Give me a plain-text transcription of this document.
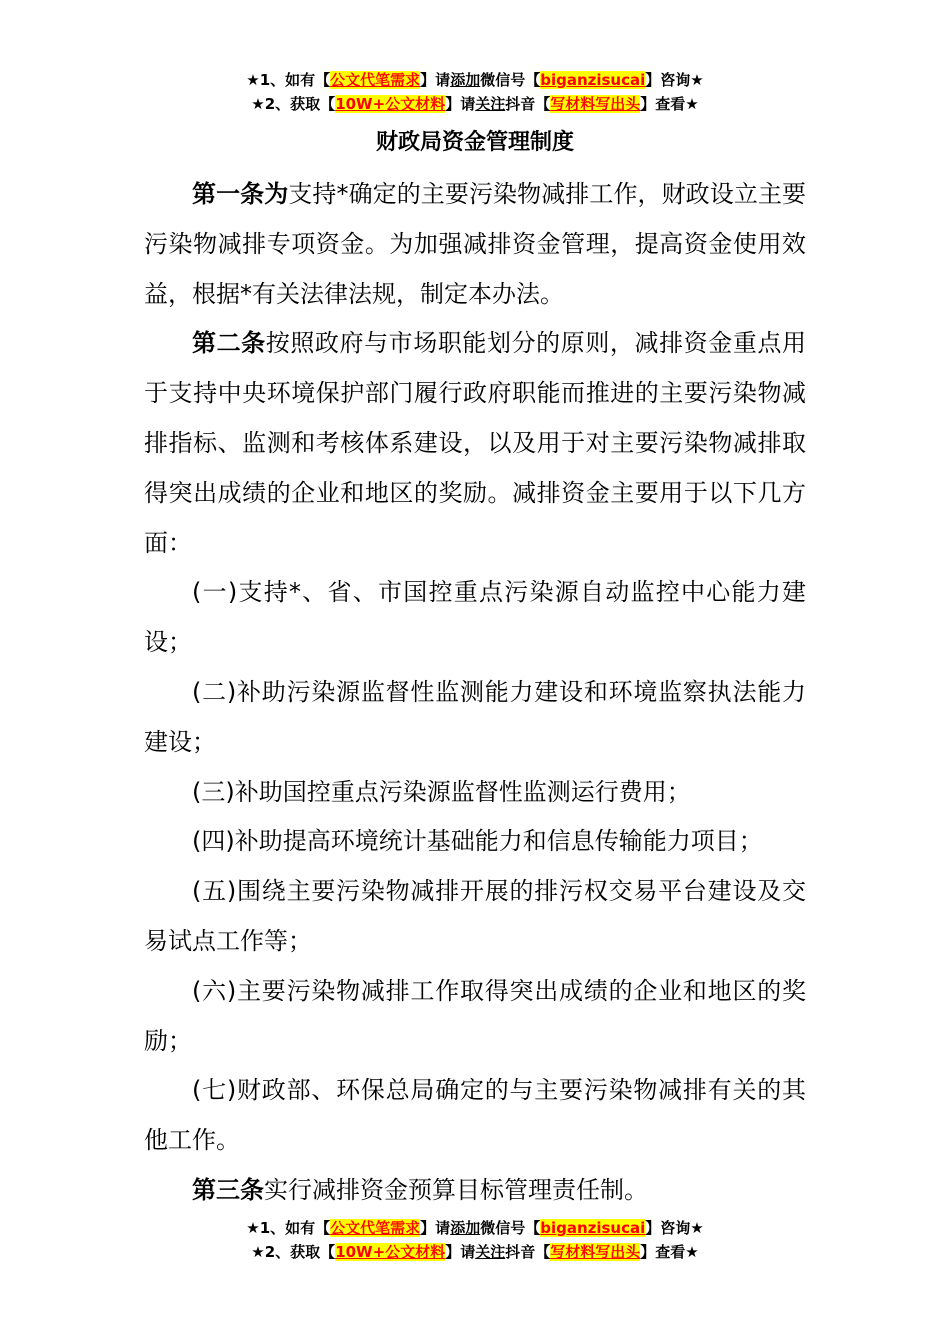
★1、如有【公文代笔需求】请添加微信号【biganzisucai】咨询★
★2、获取【10W+公文材料】请关注抖音【写材料写出头】查看★
财政局资金管理制度

第一条为支持*确定的主要污染物减排工作，财政设立主要污染物减排专项资金。为加强减排资金管理，提高资金使用效益，根据*有关法律法规，制定本办法。

第二条按照政府与市场职能划分的原则，减排资金重点用于支持中央环境保护部门履行政府职能而推进的主要污染物减排指标、监测和考核体系建设，以及用于对主要污染物减排取得突出成绩的企业和地区的奖励。减排资金主要用于以下几方面：

(一)支持*、省、市国控重点污染源自动监控中心能力建设；

(二)补助污染源监督性监测能力建设和环境监察执法能力建设；

(三)补助国控重点污染源监督性监测运行费用；

(四)补助提高环境统计基础能力和信息传输能力项目；

(五)围绕主要污染物减排开展的排污权交易平台建设及交易试点工作等；

(六)主要污染物减排工作取得突出成绩的企业和地区的奖励；

(七)财政部、环保总局确定的与主要污染物减排有关的其他工作。

第三条实行减排资金预算目标管理责任制。

★1、如有【公文代笔需求】请添加微信号【biganzisucai】咨询★
★2、获取【10W+公文材料】请关注抖音【写材料写出头】查看★
